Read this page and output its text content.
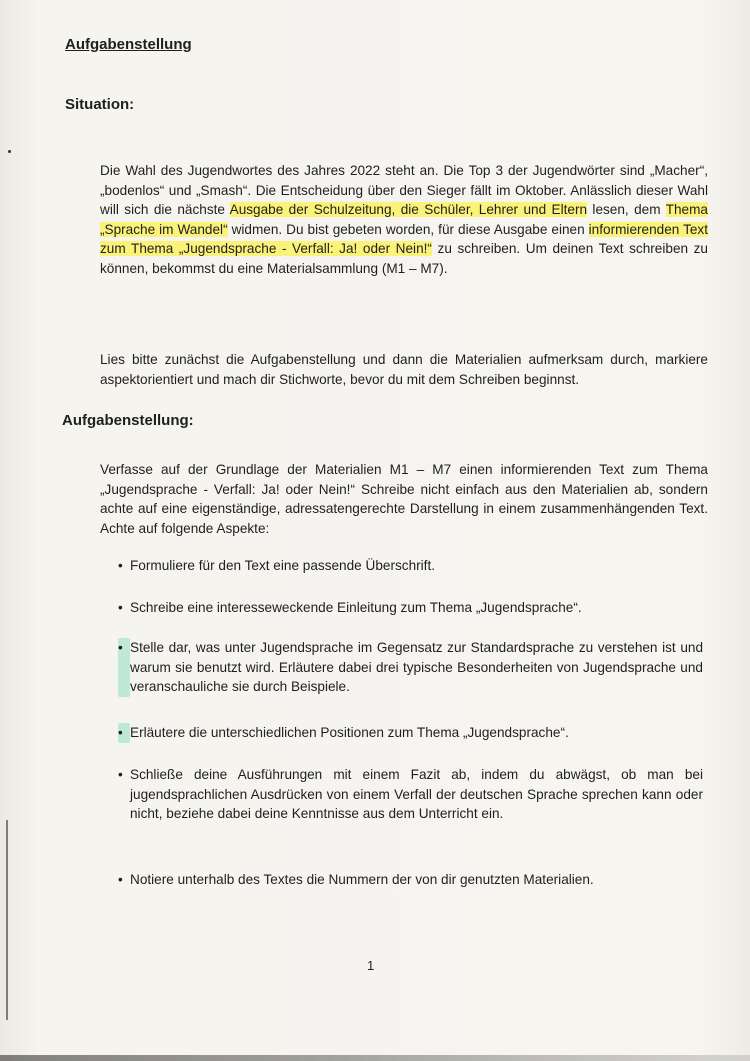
Aufgabenstellung
Situation:
Die Wahl des Jugendwortes des Jahres 2022 steht an. Die Top 3 der Jugendwörter sind „Macher“, „bodenlos“ und „Smash“. Die Entscheidung über den Sieger fällt im Oktober. Anlässlich dieser Wahl will sich die nächste Ausgabe der Schulzeitung, die Schüler, Lehrer und Eltern lesen, dem Thema „Sprache im Wandel“ widmen. Du bist gebeten worden, für diese Ausgabe einen informierenden Text zum Thema „Jugendsprache - Verfall: Ja! oder Nein!“ zu schreiben. Um deinen Text schreiben zu können, bekommst du eine Materialsammlung (M1 – M7).
Lies bitte zunächst die Aufgabenstellung und dann die Materialien aufmerksam durch, markiere aspektorientiert und mach dir Stichworte, bevor du mit dem Schreiben beginnst.
Aufgabenstellung:
Verfasse auf der Grundlage der Materialien M1 – M7 einen informierenden Text zum Thema „Jugendsprache - Verfall: Ja! oder Nein!“ Schreibe nicht einfach aus den Materialien ab, sondern achte auf eine eigenständige, adressatengerechte Darstellung in einem zusammenhängenden Text. Achte auf folgende Aspekte:
• Formuliere für den Text eine passende Überschrift.
• Schreibe eine interesseweckende Einleitung zum Thema „Jugendsprache“.
• Stelle dar, was unter Jugendsprache im Gegensatz zur Standardsprache zu verstehen ist und warum sie benutzt wird. Erläutere dabei drei typische Besonderheiten von Jugendsprache und veranschauliche sie durch Beispiele.
• Erläutere die unterschiedlichen Positionen zum Thema „Jugendsprache“.
• Schließe deine Ausführungen mit einem Fazit ab, indem du abwägst, ob man bei jugendsprachlichen Ausdrücken von einem Verfall der deutschen Sprache sprechen kann oder nicht, beziehe dabei deine Kenntnisse aus dem Unterricht ein.
• Notiere unterhalb des Textes die Nummern der von dir genutzten Materialien.
1
